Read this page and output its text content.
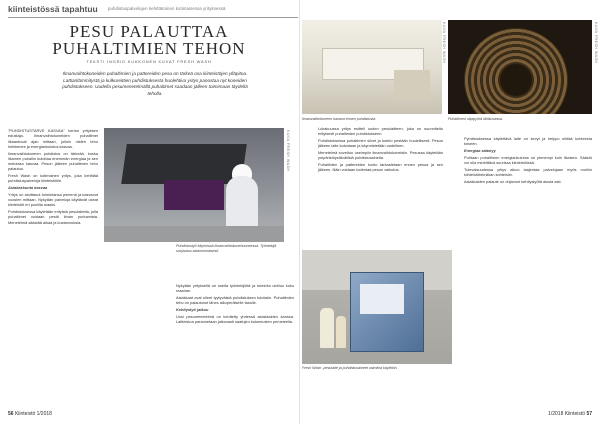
kiinteistössä tapahtuu puhdistuspalvelujen kehittäminen kotimaisessa yrityksessä
PESU PALAUTTAA
PUHALTIMIEN TEHON
TEKSTI INGRID KUKKONEN KUVAT FRESH WASH

Ilmanvaihtokoneiden puhaltimien ja pattereiden pesu on tärkeä osa kiinteistöjen ylläpitoa. Lattianlämmitystä ja kulkureittien puhdistuksesta huolehtiva yritys panostaa nyt koneiden puhdistukseen. Uudella pesumenetelmällä puhaltimet saadaan jälleen toimimaan täydellä teholla.

"PUHDISTUSTARVE KASVAA" kertoo yrityksen edustaja. Ilmanvaihtokoneiden puhaltimet likaantuvat ajan mittaan, jolloin niiden teho heikkenee ja energiankulutus kasvaa.

Ilmanvaihtokoneen puhdistus on tärkeää, koska likainen puhallin kuluttaa enemmän energiaa ja sen melutaso kasvaa. Pesun jälkeen puhaltimen teho palautuu.

Fresh Wash on kotimainen yritys, joka kehittää puhdistuspalveluja kiinteistöille.

Asiakaskunta kasvaa

Yritys on aloittanut toimintansa pienenä ja kasvanut vuosien mittaan. Nykyään palveluja käyttävät useat kiinteistöt eri puolilla maata.

Puhdistuksessa käytetään erityistä pesulaitetta, jolla puhaltimet voidaan pestä ilman purkamista. Menetelmä säästää aikaa ja kustannuksia.

KUVA FRESH WASH

Puhdistustyö käynnissä ilmanvaihtokonehuoneessa. Työntekijä suojautuu asianmukaisesti.

Nykyään yrityksellä on useita työntekijöitä ja toiminta ulottuu koko maahan.

Asiakkaat ovat olleet tyytyväisiä puhdistuksen tuloksiin. Puhaltimien teho on palautunut lähes alkuperäiselle tasolle.

Kehitystyö jatkuu

Uusi pesumenetelmä on kehitetty yhdessä asiakkaiden kanssa. Laitteistoa parannetaan jatkuvasti saatujen kokemusten perusteella.

KUVA FRESH WASH

Ilmanvaihtokoneen kanava ennen puhdistusta.

KUVA FRESH WASH

Puhaltimen siipipyörä lähikuvassa.

Lokakuussa yritys esitteli uuden pesulaitteen, joka on suunniteltu erityisesti puhaltimien puhdistukseen.

Puhdistuksessa puhaltimen siivet ja kotelo pestään huolellisesti. Pesun jälkeen laite kuivataan ja käynnistetään uudelleen.

Menetelmä soveltuu useimpiin ilmanvaihtokoneisiin. Pesussa käytetään ympäristöystävällisiä puhdistusaineita.

Puhallinten ja pattereiden kunto tarkastetaan ennen pesua ja sen jälkeen. Näin voidaan todentaa pesun vaikutus.

Pyhdistuksessa käytettävä laite on kevyt ja helppo siirtää kohteesta toiseen.

Energiaa säästyy

Puhtaan puhaltimen energiankulutus on pienempi kuin likaisen. Säästö voi olla merkittävä suurissa kiinteistöissä.

Tulevaisuudessa yritys aikoo laajentaa palvelujaan myös muihin kiinteistötekniikan kohteisiin.

Asiakkaiden palaute on ohjannut kehitystyötä alusta asti.

Fresh Wash -pesulaite ja puhdistusaineet valmiina käyttöön.

56 Kiinteistö 1/2018	1/2018 Kiinteistö 57
